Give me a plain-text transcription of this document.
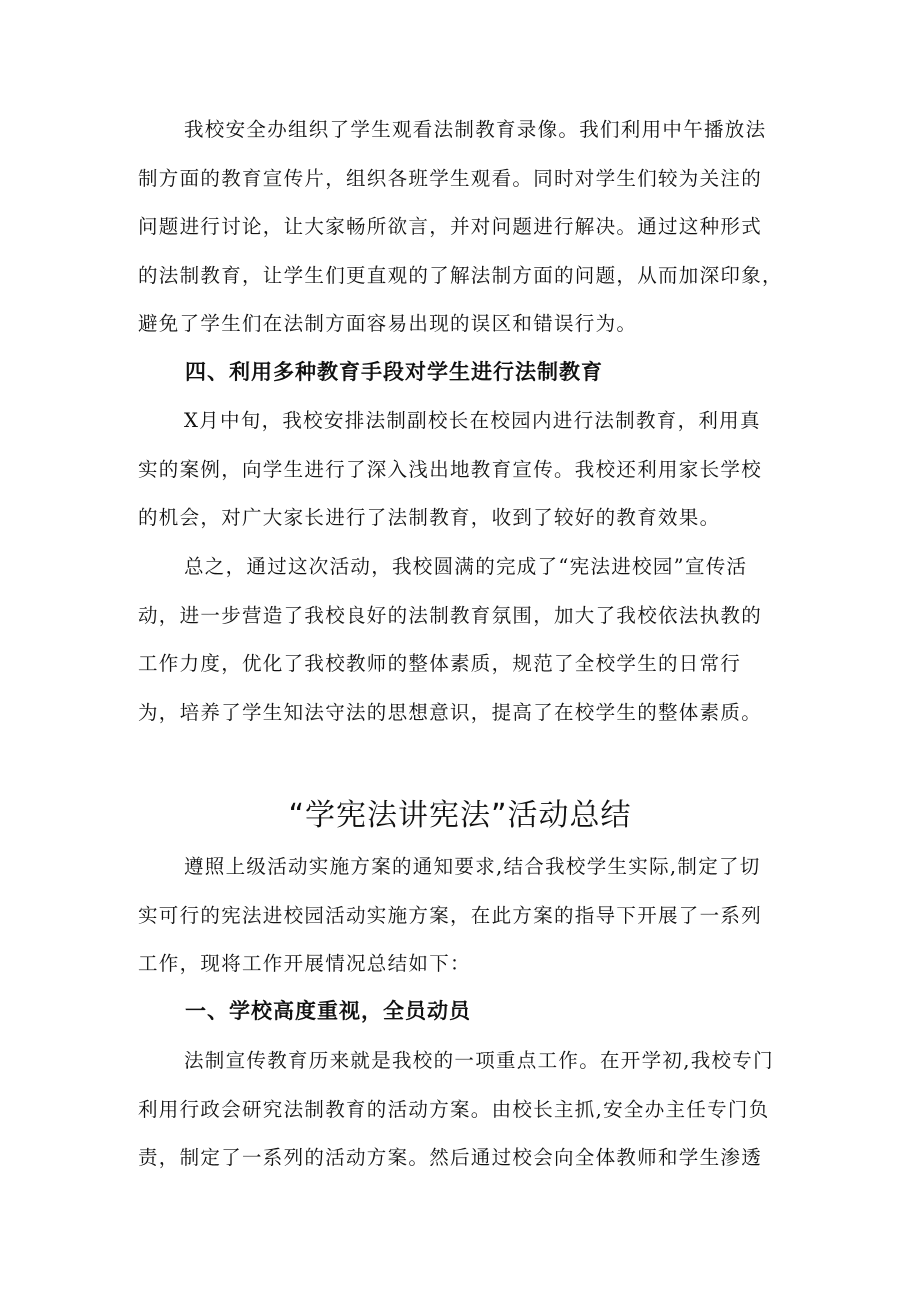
我校安全办组织了学生观看法制教育录像。我们利用中午播放法
制方面的教育宣传片，组织各班学生观看。同时对学生们较为关注的
问题进行讨论，让大家畅所欲言，并对问题进行解决。通过这种形式
的法制教育，让学生们更直观的了解法制方面的问题，从而加深印象，
避免了学生们在法制方面容易出现的误区和错误行为。
四、利用多种教育手段对学生进行法制教育
X月中旬，我校安排法制副校长在校园内进行法制教育，利用真
实的案例，向学生进行了深入浅出地教育宣传。我校还利用家长学校
的机会，对广大家长进行了法制教育，收到了较好的教育效果。
总之，通过这次活动，我校圆满的完成了“宪法进校园”宣传活
动，进一步营造了我校良好的法制教育氛围，加大了我校依法执教的
工作力度，优化了我校教师的整体素质，规范了全校学生的日常行
为，培养了学生知法守法的思想意识，提高了在校学生的整体素质。
“学宪法讲宪法”活动总结
遵照上级活动实施方案的通知要求,结合我校学生实际,制定了切
实可行的宪法进校园活动实施方案，在此方案的指导下开展了一系列
工作，现将工作开展情况总结如下：
一、学校高度重视，全员动员
法制宣传教育历来就是我校的一项重点工作。在开学初,我校专门
利用行政会研究法制教育的活动方案。由校长主抓,安全办主任专门负
责，制定了一系列的活动方案。然后通过校会向全体教师和学生渗透
